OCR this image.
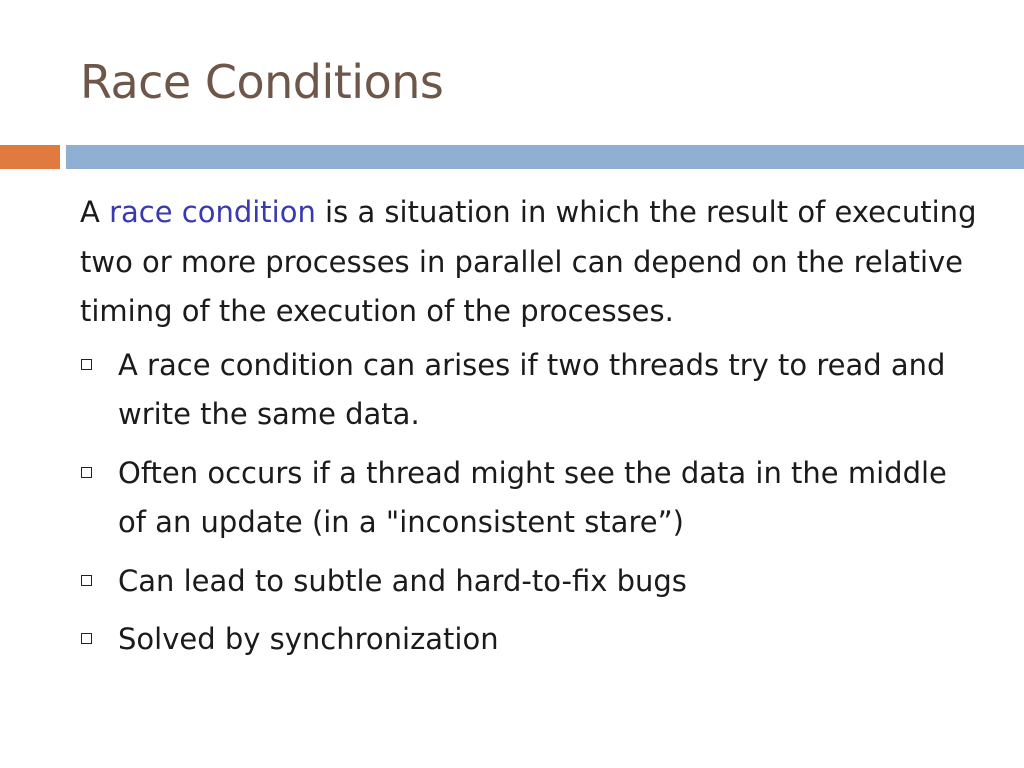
Race Conditions

A race condition is a situation in which the result of executing two or more processes in parallel can depend on the relative timing of the execution of the processes.

A race condition can arises if two threads try to read and write the same data.
Often occurs if a thread might see the data in the middle of an update (in a "inconsistent stare”)
Can lead to subtle and hard-to-fix bugs
Solved by synchronization
